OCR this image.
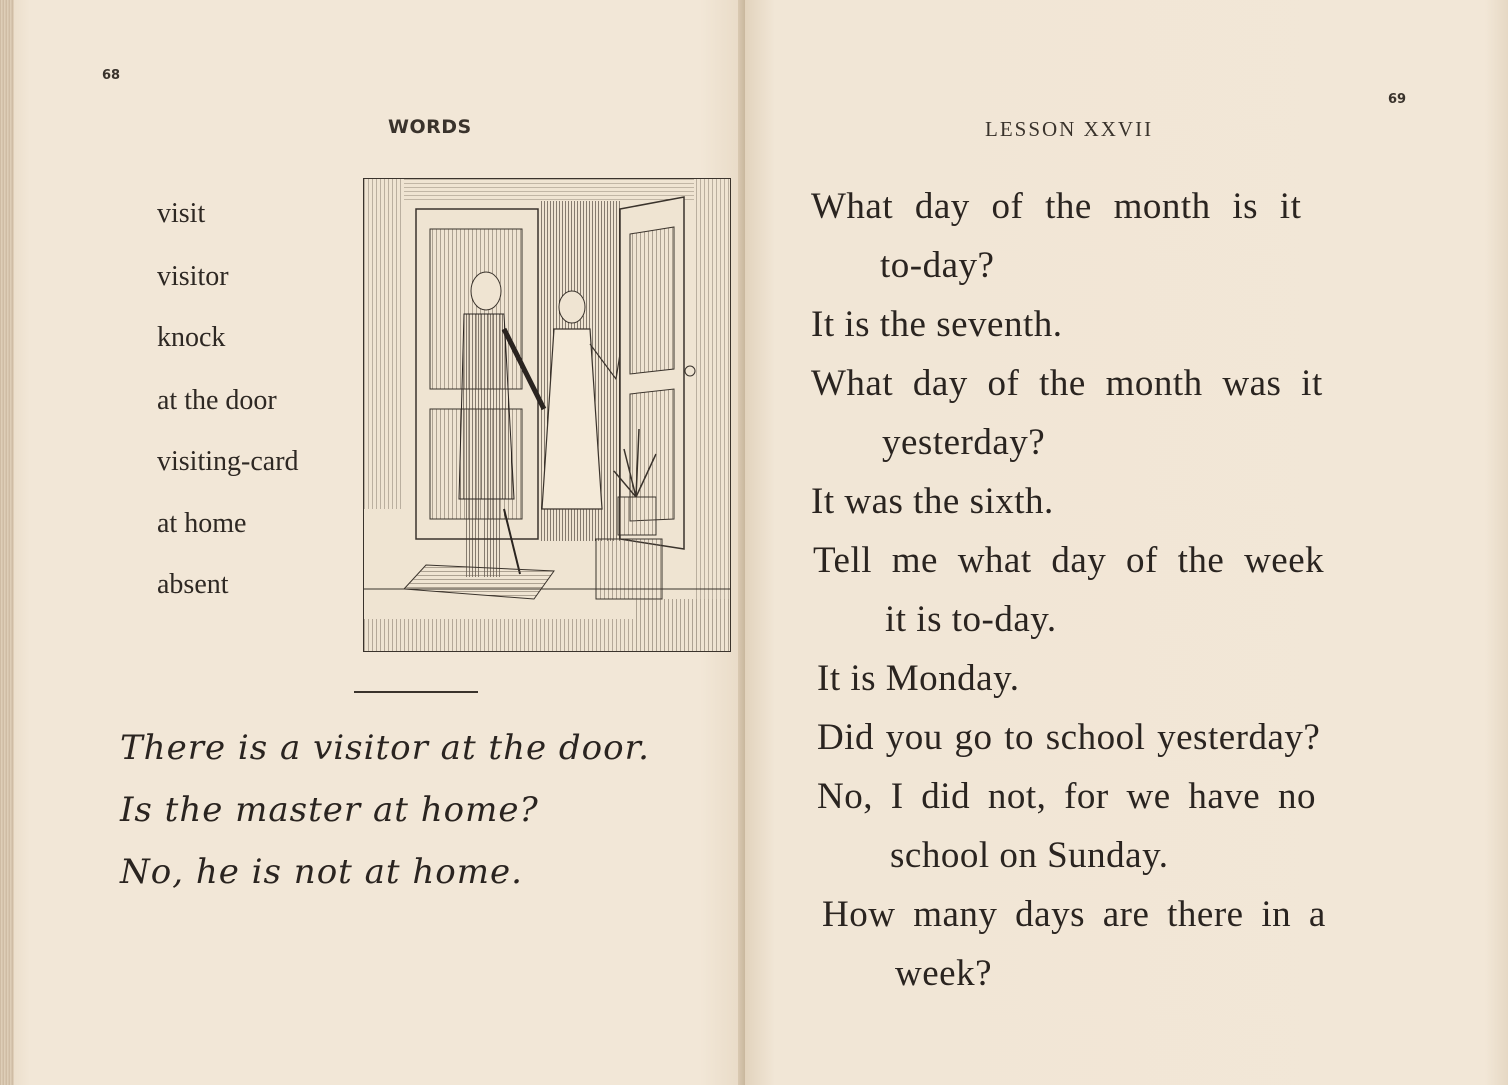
68
WORDS
visit
visitor
knock
at the door
visiting-card
at home
absent
There is a visitor at the door.
Is the master at home?
No, he is not at home.
69
LESSON XXVII
What day of the month is it
to-day?
It is the seventh.
What day of the month was it
yesterday?
It was the sixth.
Tell me what day of the week
it is to-day.
It is Monday.
Did you go to school yesterday?
No, I did not, for we have no
school on Sunday.
How many days are there in a
week?
